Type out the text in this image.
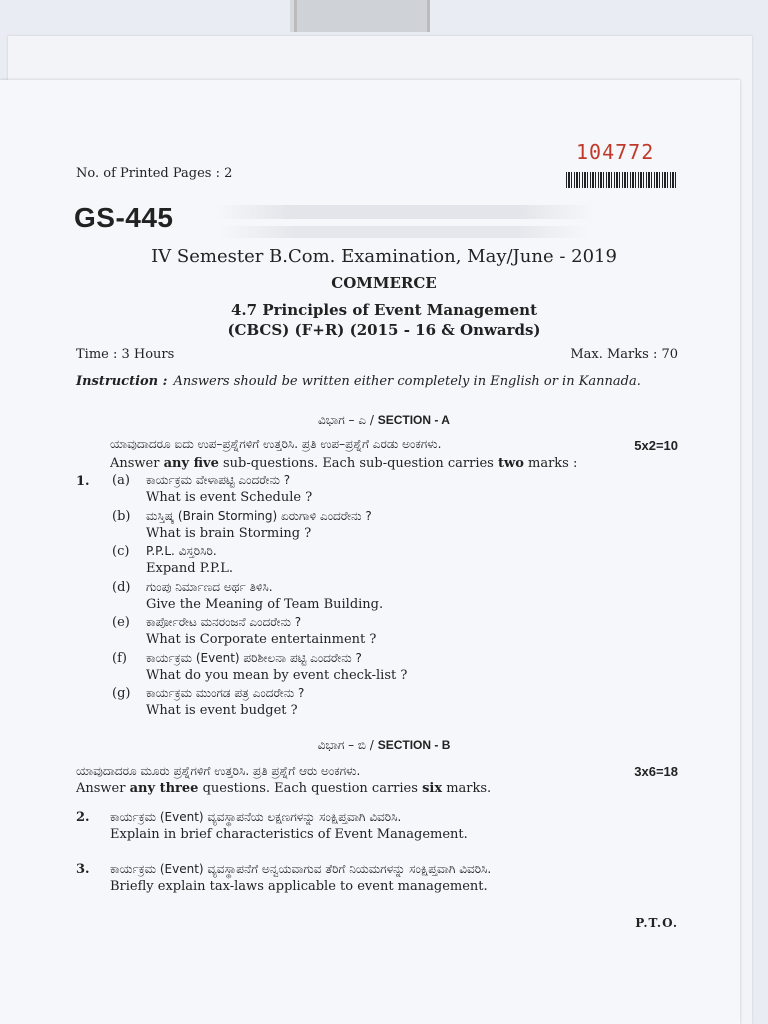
104772
No. of Printed Pages : 2
GS-445
IV Semester B.Com. Examination, May/June - 2019
COMMERCE
4.7 Principles of Event Management
(CBCS) (F+R) (2015 - 16 & Onwards)
Time : 3 Hours	Max. Marks : 70
Instruction : Answers should be written either completely in English or in Kannada.
ವಿಭಾಗ – ಎ / SECTION - A
ಯಾವುದಾದರೂ ಐದು ಉಪ–ಪ್ರಶ್ನೆಗಳಿಗೆ ಉತ್ತರಿಸಿ. ಪ್ರತಿ ಉಪ–ಪ್ರಶ್ನೆಗೆ ಎರಡು ಅಂಕಗಳು.	5x2=10
Answer any five sub-questions. Each sub-question carries two marks :
1. (a) ಕಾರ್ಯಕ್ರಮ ವೇಳಾಪಟ್ಟಿ ಎಂದರೇನು ?
What is event Schedule ?
(b) ಮಸ್ತಿಷ್ಕ (Brain Storming) ಏರುಗಾಳಿ ಎಂದರೇನು ?
What is brain Storming ?
(c) P.P.L. ವಿಸ್ತರಿಸಿರಿ.
Expand P.P.L.
(d) ಗುಂಪು ನಿರ್ಮಾಣದ ಅರ್ಥ ತಿಳಿಸಿ.
Give the Meaning of Team Building.
(e) ಕಾರ್ಪೋರೇಟ ಮನರಂಜನೆ ಎಂದರೇನು ?
What is Corporate entertainment ?
(f) ಕಾರ್ಯಕ್ರಮ (Event) ಪರಿಶೀಲನಾ ಪಟ್ಟಿ ಎಂದರೇನು ?
What do you mean by event check-list ?
(g) ಕಾರ್ಯಕ್ರಮ ಮುಂಗಡ ಪತ್ರ ಎಂದರೇನು ?
What is event budget ?
ವಿಭಾಗ – ಬಿ / SECTION - B
ಯಾವುದಾದರೂ ಮೂರು ಪ್ರಶ್ನೆಗಳಿಗೆ ಉತ್ತರಿಸಿ. ಪ್ರತಿ ಪ್ರಶ್ನೆಗೆ ಆರು ಅಂಕಗಳು.	3x6=18
Answer any three questions. Each question carries six marks.
2. ಕಾರ್ಯಕ್ರಮ (Event) ವ್ಯವಸ್ಥಾಪನೆಯ ಲಕ್ಷಣಗಳನ್ನು ಸಂಕ್ಷಿಪ್ತವಾಗಿ ವಿವರಿಸಿ.
Explain in brief characteristics of Event Management.
3. ಕಾರ್ಯಕ್ರಮ (Event) ವ್ಯವಸ್ಥಾಪನೆಗೆ ಅನ್ವಯವಾಗುವ ತೆರಿಗೆ ನಿಯಮಗಳನ್ನು ಸಂಕ್ಷಿಪ್ತವಾಗಿ ವಿವರಿಸಿ.
Briefly explain tax-laws applicable to event management.
P.T.O.
